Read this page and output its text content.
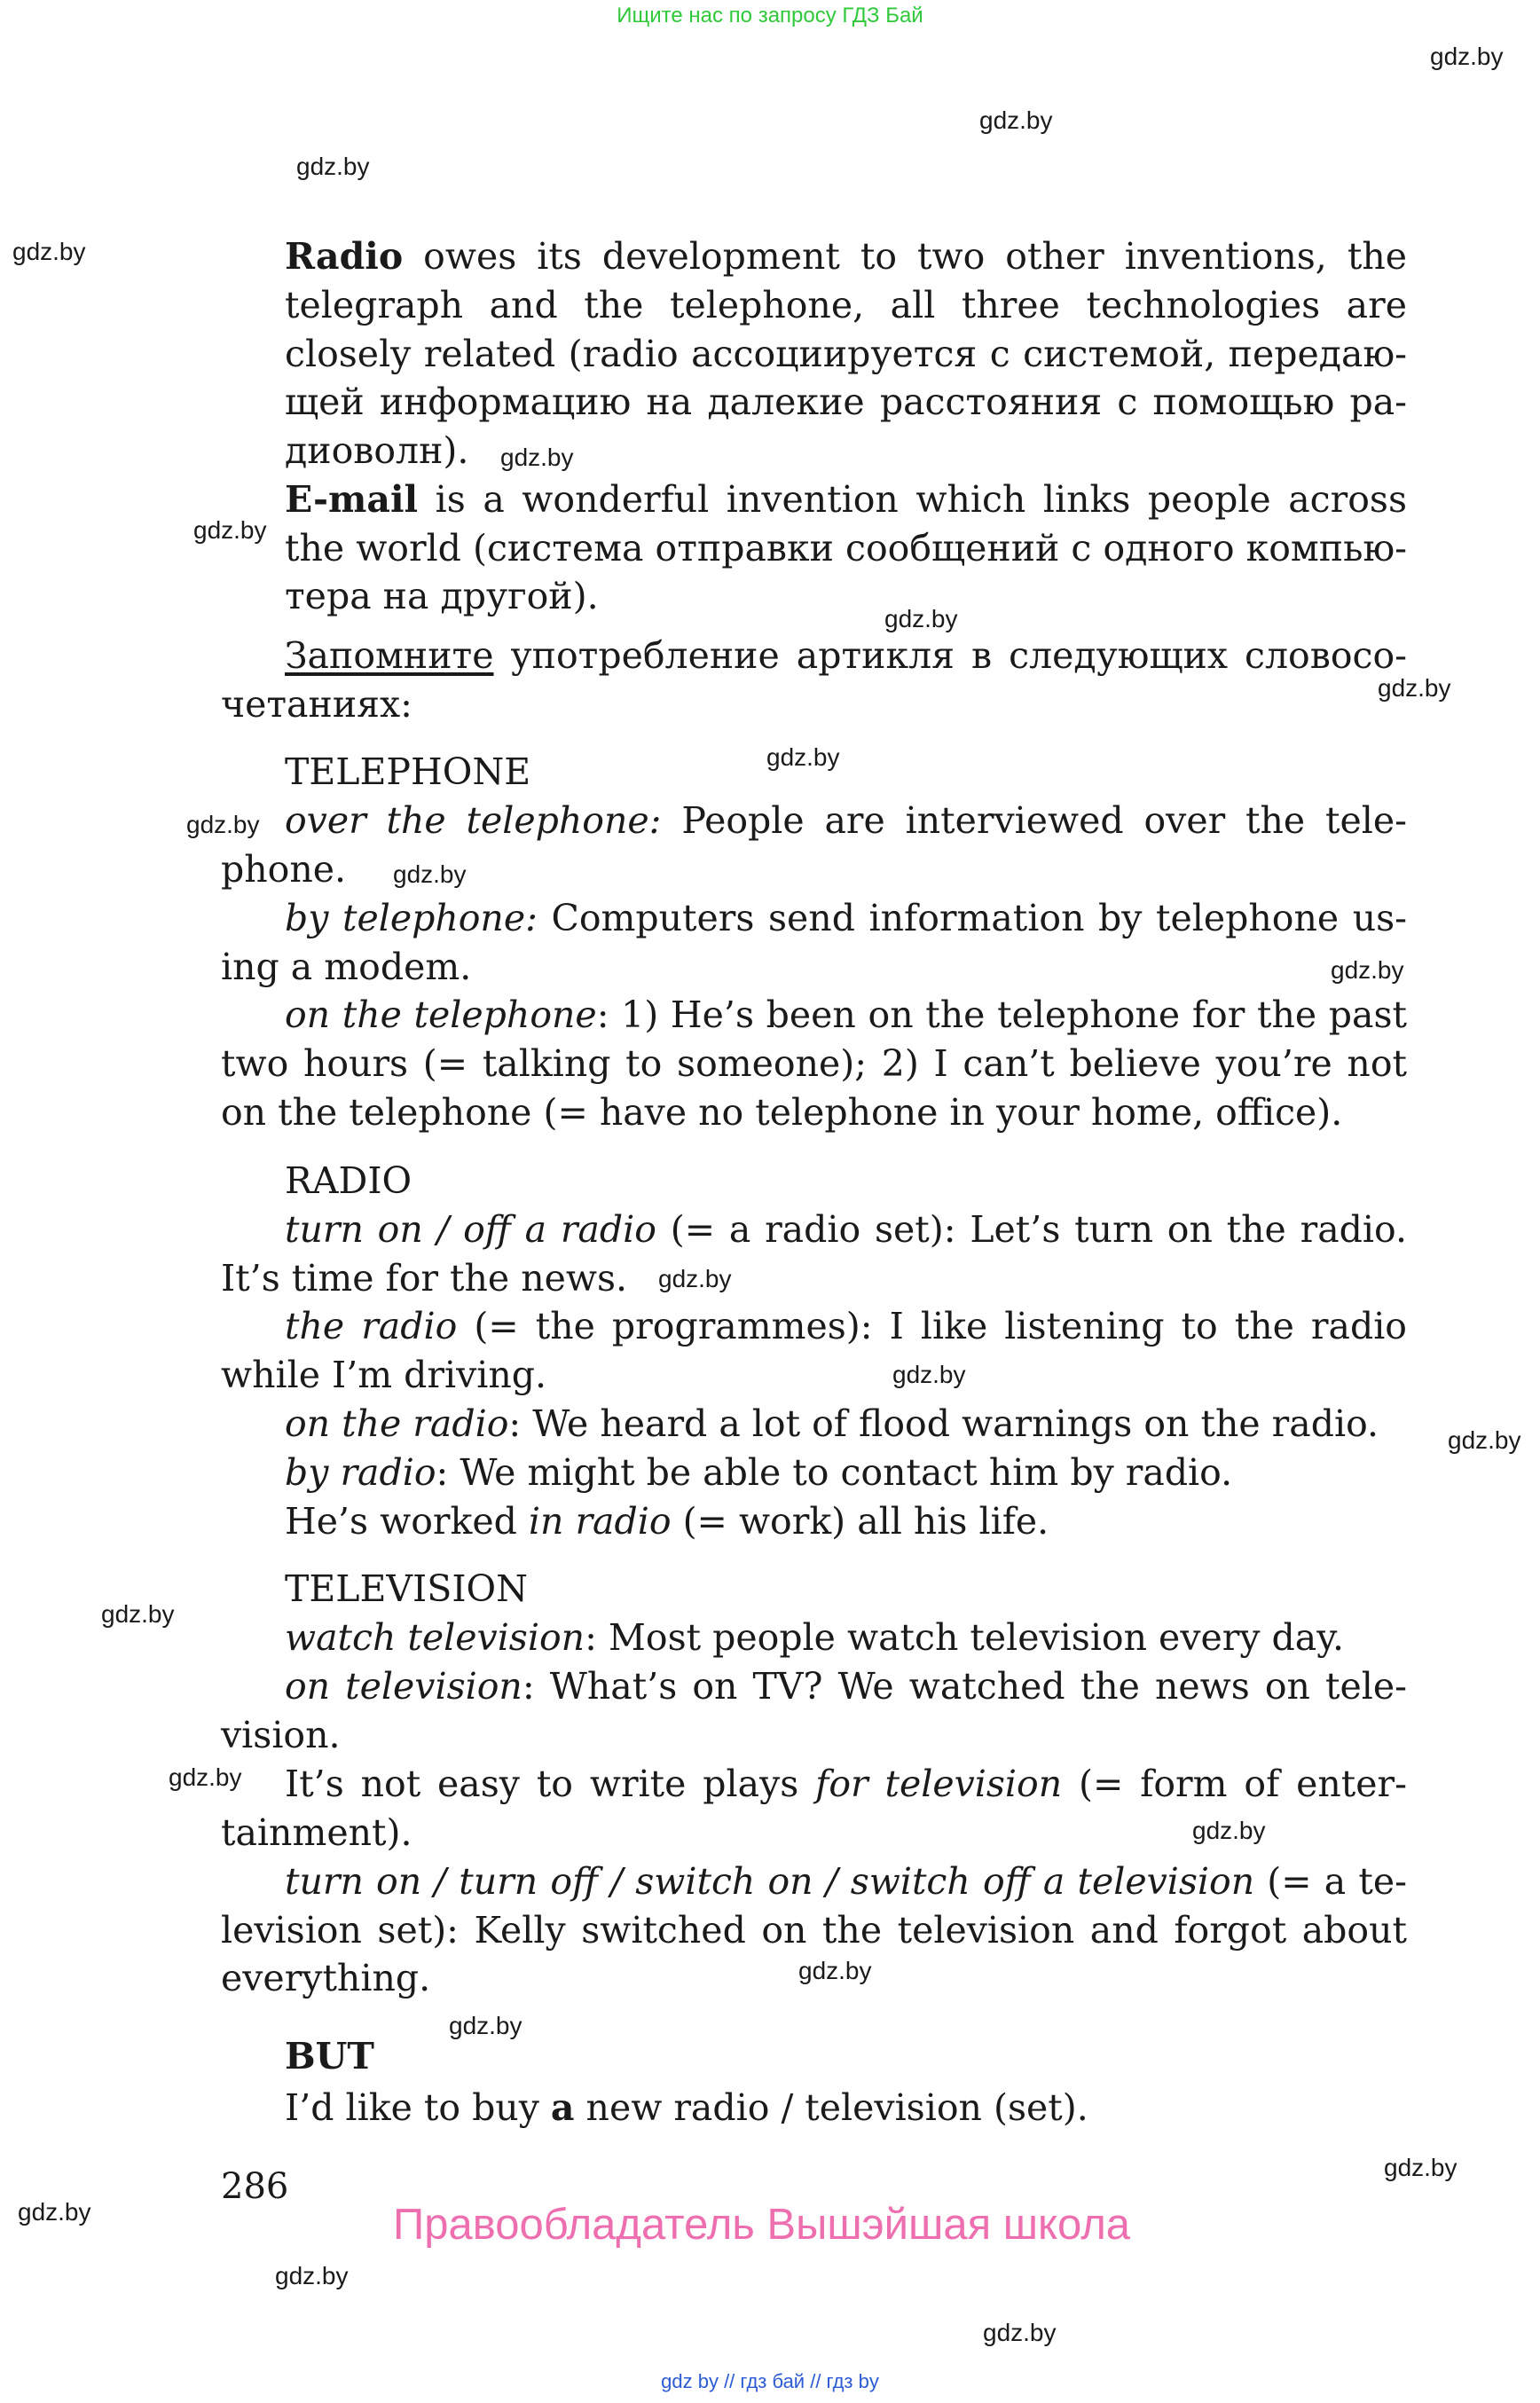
Ищите нас по запросу ГДЗ Бай
gdz.by
gdz.by
gdz.by
gdz.by
gdz.by
gdz.by
gdz.by
gdz.by
gdz.by
gdz.by
gdz.by
gdz.by
gdz.by
gdz.by
gdz.by
gdz.by
gdz.by
gdz.by
gdz.by
gdz.by
gdz.by
gdz.by
gdz.by
gdz.by
Radio owes its development to two other inventions, the
telegraph and the telephone, all three technologies are
closely related (radio ассоциируется с системой, передаю-
щей информацию на далекие расстояния с помощью ра-
диоволн).
E-mail is a wonderful invention which links people across
the world (система отправки сообщений с одного компью-
тера на другой).
Запомните употребление артикля в следующих словосо-
четаниях:
TELEPHONE
over the telephone: People are interviewed over the tele-
phone.
by telephone: Computers send information by telephone us-
ing a modem.
on the telephone: 1) He’s been on the telephone for the past
two hours (= talking to someone); 2) I can’t believe you’re not
on the telephone (= have no telephone in your home, office).
RADIO
turn on / off a radio (= a radio set): Let’s turn on the radio.
It’s time for the news.
the radio (= the programmes): I like listening to the radio
while I’m driving.
on the radio: We heard a lot of flood warnings on the radio.
by radio: We might be able to contact him by radio.
He’s worked in radio (= work) all his life.
TELEVISION
watch television: Most people watch television every day.
on television: What’s on TV? We watched the news on tele-
vision.
It’s not easy to write plays for television (= form of enter-
tainment).
turn on / turn off / switch on / switch off a television (= a te-
levision set): Kelly switched on the television and forgot about
everything.
BUT
I’d like to buy a new radio / television (set).
286
Правообладатель Вышэйшая школа
gdz by // гдз бай // гдз by
